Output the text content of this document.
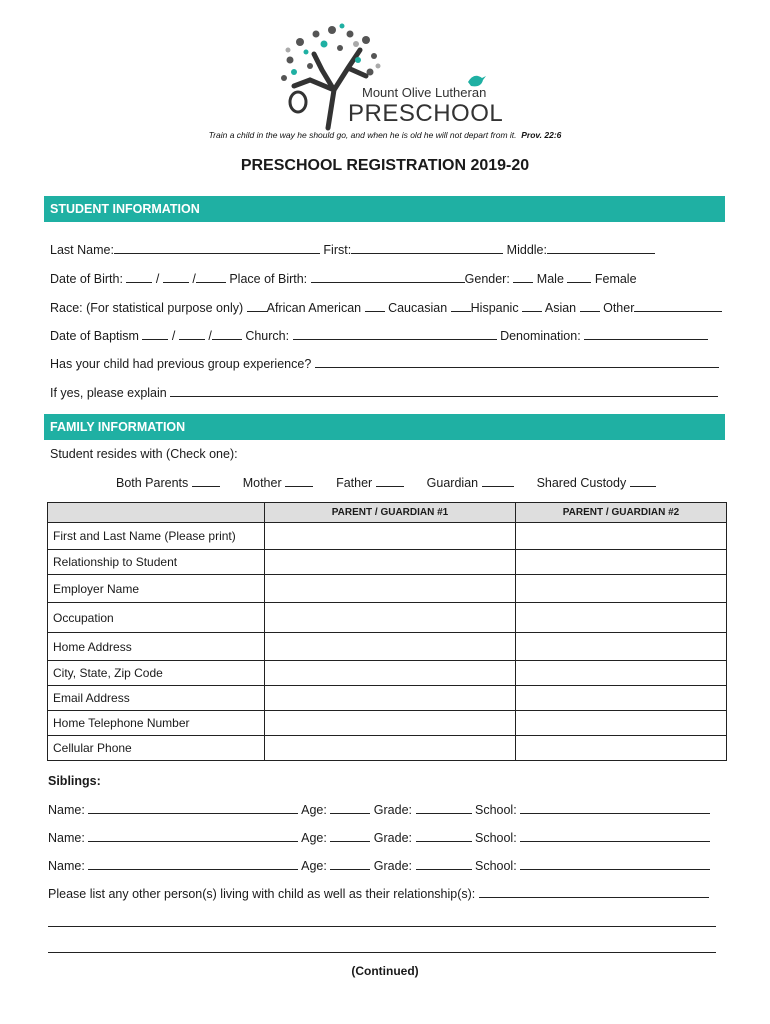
Mount Olive Lutheran
PRESCHOOL
Train a child in the way he should go, and when he is old he will not depart from it. Prov. 22:6
PRESCHOOL REGISTRATION 2019-20
STUDENT INFORMATION
Last Name:	First:	Middle:
Date of Birth:	/	/	Place of Birth:	Gender: Male Female
Race: (For statistical purpose only) African American Caucasian Hispanic Asian Other
Date of Baptism	/	/	Church:	Denomination:
Has your child had previous group experience?
If yes, please explain
FAMILY INFORMATION
Student resides with (Check one):
Both Parents	Mother	Father	Guardian	Shared Custody
	PARENT / GUARDIAN #1	PARENT / GUARDIAN #2
First and Last Name (Please print)		
Relationship to Student		
Employer Name		
Occupation		
Home Address		
City, State, Zip Code		
Email Address		
Home Telephone Number		
Cellular Phone		
Siblings:
Name:	Age:	Grade:	School:
Name:	Age:	Grade:	School:
Name:	Age:	Grade:	School:
Please list any other person(s) living with child as well as their relationship(s):
(Continued)
